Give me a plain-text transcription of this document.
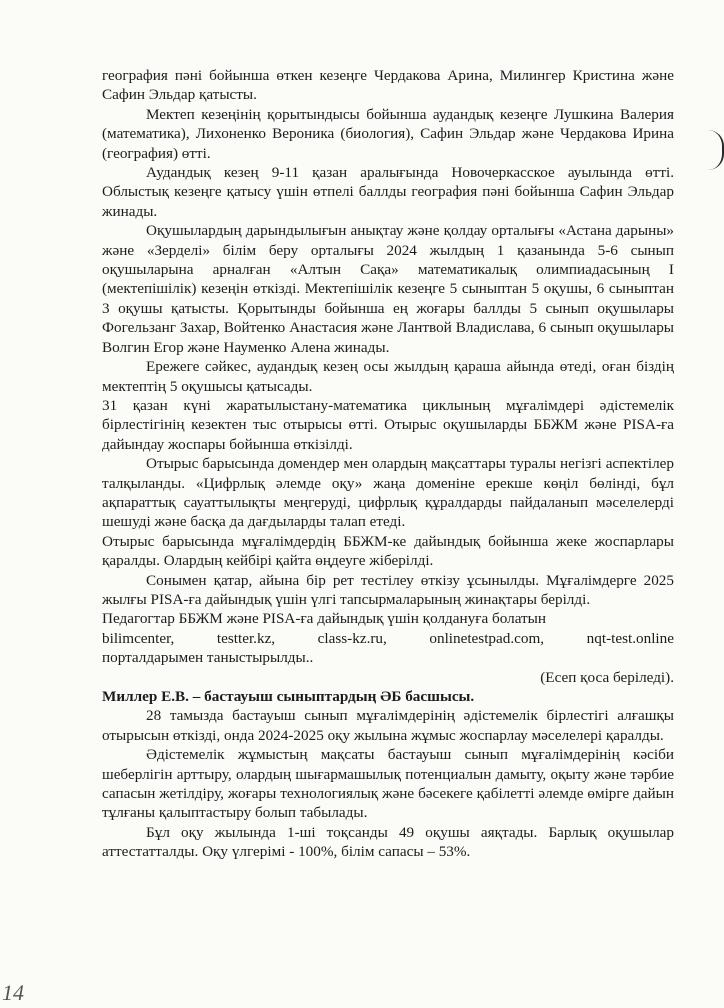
география пәні бойынша өткен кезеңге Чердакова Арина, Милингер Кристина және Сафин Эльдар қатысты.

Мектеп кезеңінің қорытындысы бойынша аудандық кезеңге Лушкина Валерия (математика), Лихоненко Вероника (биология), Сафин Эльдар және Чердакова Ирина (география) өтті.

Аудандық кезең 9-11 қазан аралығында Новочеркасское ауылында өтті. Облыстық кезеңге қатысу үшін өтпелі баллды география пәні бойынша Сафин Эльдар жинады.

Оқушылардың дарындылығын анықтау және қолдау орталығы «Астана дарыны» және «Зерделі» білім беру орталығы 2024 жылдың 1 қазанында 5-6 сынып оқушыларына арналған «Алтын Сақа» математикалық олимпиадасының I (мектепішілік) кезеңін өткізді. Мектепішілік кезеңге 5 сыныптан 5 оқушы, 6 сыныптан 3 оқушы қатысты. Қорытынды бойынша ең жоғары баллды 5 сынып оқушылары Фогельзанг Захар, Войтенко Анастасия және Лантвой Владислава, 6 сынып оқушылары Волгин Егор және Науменко Алена жинады.

Ережеге сәйкес, аудандық кезең осы жылдың қараша айында өтеді, оған біздің мектептің 5 оқушысы қатысады.

31 қазан күні жаратылыстану-математика циклының мұғалімдері әдістемелік бірлестігінің кезектен тыс отырысы өтті. Отырыс оқушыларды ББЖМ және PISA-ға дайындау жоспары бойынша өткізілді.

Отырыс барысында домендер мен олардың мақсаттары туралы негізгі аспектілер талқыланды. «Цифрлық әлемде оқу» жаңа доменіне ерекше көңіл бөлінді, бұл ақпараттық сауаттылықты меңгеруді, цифрлық құралдарды пайдаланып мәселелерді шешуді және басқа да дағдыларды талап етеді.

Отырыс барысында мұғалімдердің ББЖМ-ке дайындық бойынша жеке жоспарлары қаралды. Олардың кейбірі қайта өңдеуге жіберілді.

Сонымен қатар, айына бір рет тестілеу өткізу ұсынылды. Мұғалімдерге 2025 жылғы PISA-ға дайындық үшін үлгі тапсырмаларының жинақтары берілді.

Педагогтар ББЖМ және PISA-ға дайындық үшін қолдануға болатын

bilimcenter,	testter.kz,	class-kz.ru,	onlinetestpad.com,	nqt-test.online

порталдарымен таныстырылды..

(Есеп қоса беріледі).

Миллер Е.В. – бастауыш сыныптардың ӘБ басшысы.

28 тамызда бастауыш сынып мұғалімдерінің әдістемелік бірлестігі алғашқы отырысын өткізді, онда 2024-2025 оқу жылына жұмыс жоспарлау мәселелері қаралды.

Әдістемелік жұмыстың мақсаты бастауыш сынып мұғалімдерінің кәсіби шеберлігін арттыру, олардың шығармашылық потенциалын дамыту, оқыту және тәрбие сапасын жетілдіру, жоғары технологиялық және бәсекеге қабілетті әлемде өмірге дайын тұлғаны қалыптастыру болып табылады.

Бұл оқу жылында 1-ші тоқсанды 49 оқушы аяқтады. Барлық оқушылар аттестатталды. Оқу үлгерімі - 100%, білім сапасы – 53%.

14
